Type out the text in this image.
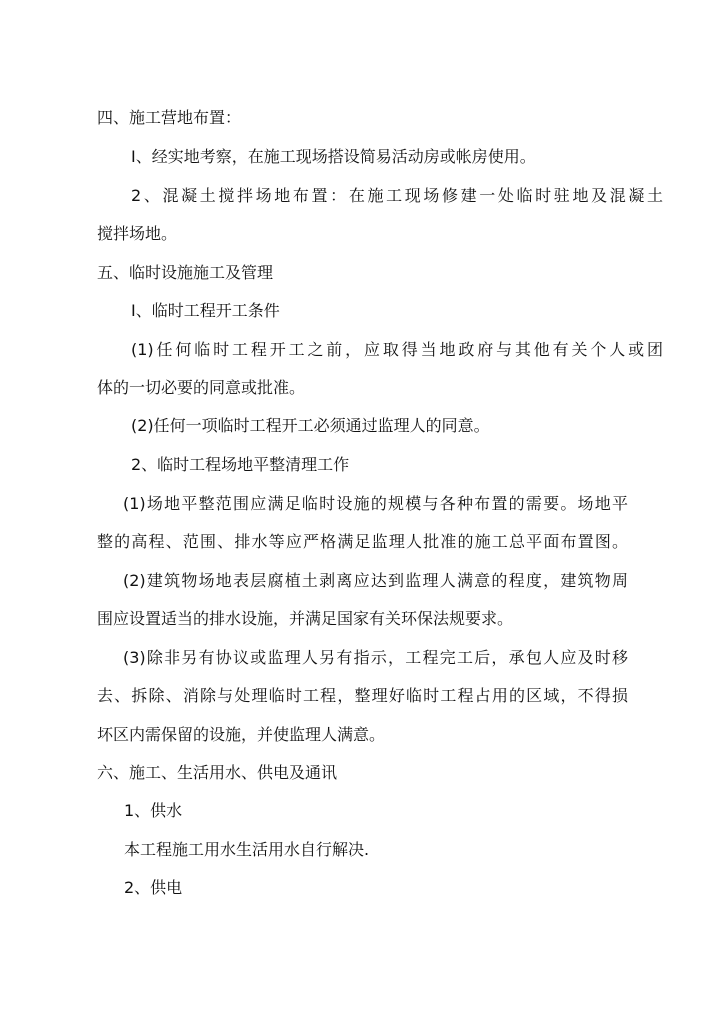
四、施工营地布置：

Ⅰ、经实地考察，在施工现场搭设简易活动房或帐房使用。

2、混凝土搅拌场地布置：在施工现场修建一处临时驻地及混凝土

搅拌场地。

五、临时设施施工及管理

Ⅰ、临时工程开工条件

(1)任何临时工程开工之前，应取得当地政府与其他有关个人或团

体的一切必要的同意或批准。

(2)任何一项临时工程开工必须通过监理人的同意。

2、临时工程场地平整清理工作

(1)场地平整范围应满足临时设施的规模与各种布置的需要。场地平

整的高程、范围、排水等应严格满足监理人批准的施工总平面布置图。

(2)建筑物场地表层腐植土剥离应达到监理人满意的程度，建筑物周

围应设置适当的排水设施，并满足国家有关环保法规要求。

(3)除非另有协议或监理人另有指示，工程完工后，承包人应及时移

去、拆除、消除与处理临时工程，整理好临时工程占用的区域，不得损

坏区内需保留的设施，并使监理人满意。

六、施工、生活用水、供电及通讯

1、供水

本工程施工用水生活用水自行解决.

2、供电
